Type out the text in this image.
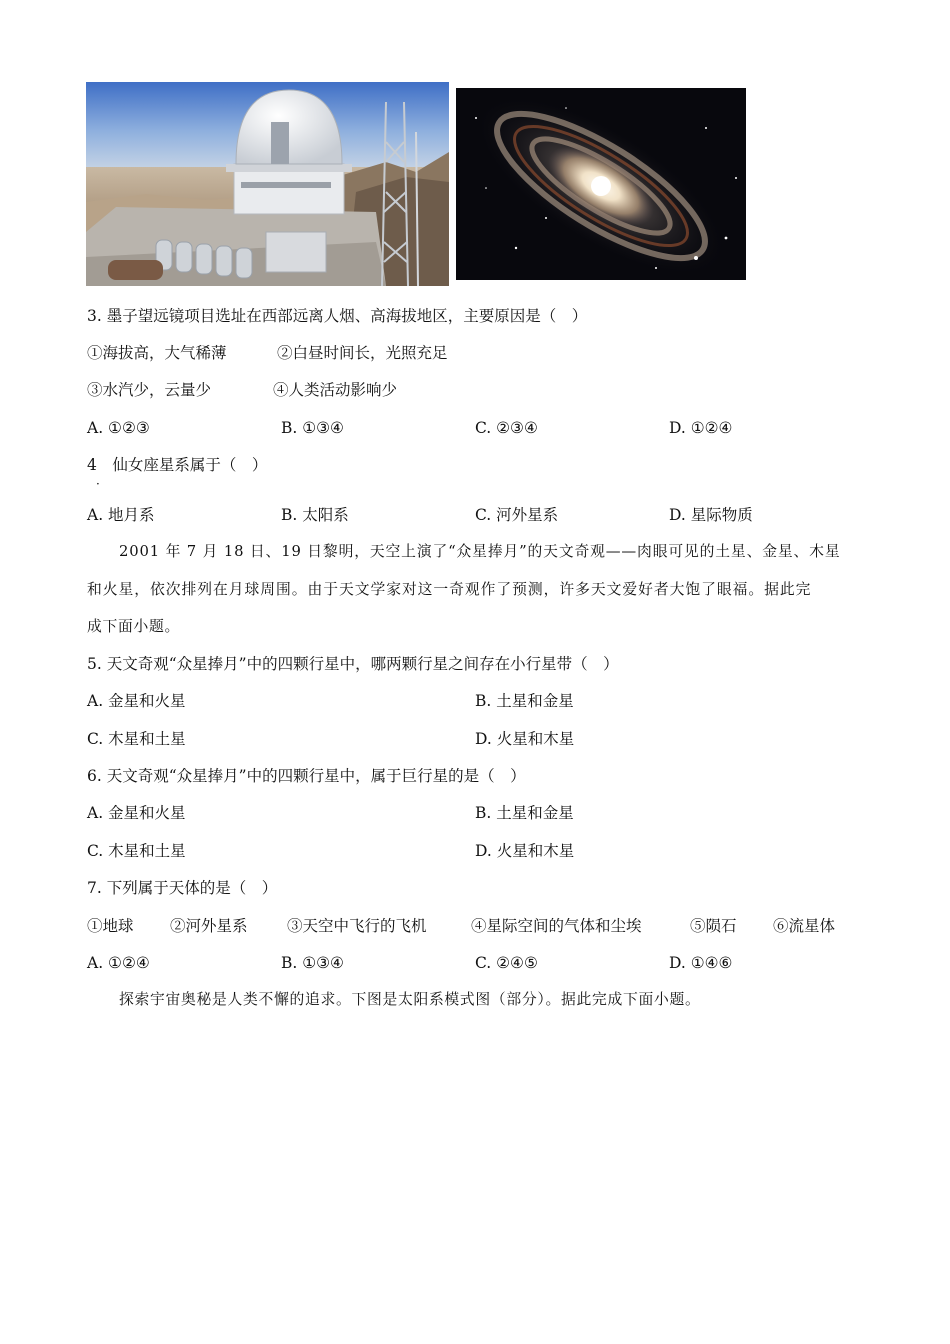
3. 墨子望远镜项目选址在西部远离人烟、高海拔地区，主要原因是（　）
①海拔高，大气稀薄	②白昼时间长，光照充足
③水汽少，云量少	④人类活动影响少
A. ①②③	B. ①③④	C. ②③④	D. ①②④
4　仙女座星系属于（　）
·
A. 地月系	B. 太阳系	C. 河外星系	D. 星际物质
2001 年 7 月 18 日、19 日黎明，天空上演了“众星捧月”的天文奇观——肉眼可见的土星、金星、木星
和火星，依次排列在月球周围。由于天文学家对这一奇观作了预测，许多天文爱好者大饱了眼福。据此完
成下面小题。
5. 天文奇观“众星捧月”中的四颗行星中，哪两颗行星之间存在小行星带（　）
A. 金星和火星	B. 土星和金星
C. 木星和土星	D. 火星和木星
6. 天文奇观“众星捧月”中的四颗行星中，属于巨行星的是（　）
A. 金星和火星	B. 土星和金星
C. 木星和土星	D. 火星和木星
7. 下列属于天体的是（　）
①地球 ②河外星系	③天空中飞行的飞机	④星际空间的气体和尘埃	⑤陨石 ⑥流星体
A. ①②④	B. ①③④	C. ②④⑤	D. ①④⑥
探索宇宙奥秘是人类不懈的追求。下图是太阳系模式图（部分）。据此完成下面小题。
